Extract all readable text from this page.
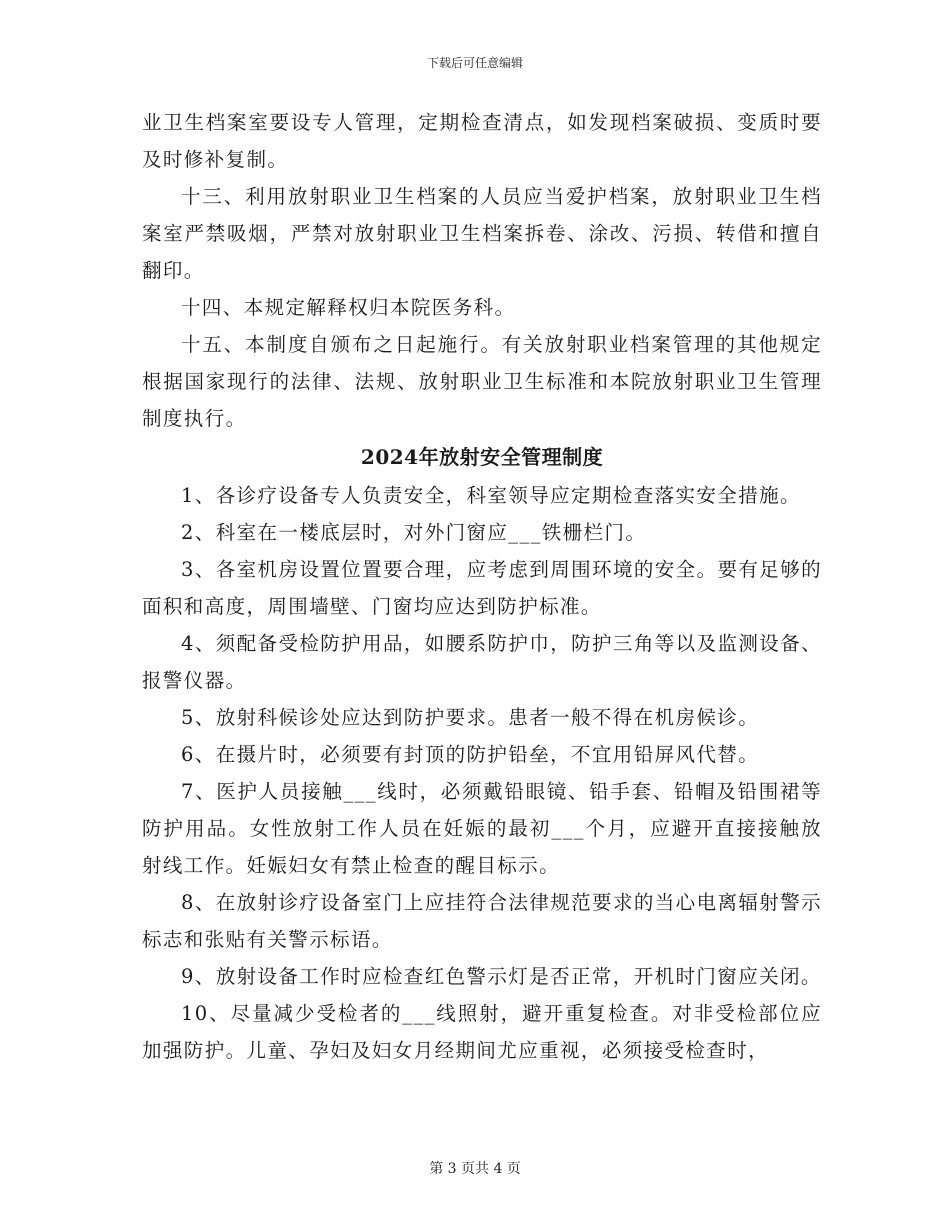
下载后可任意编辑

业卫生档案室要设专人管理，定期检查清点，如发现档案破损、变质时要及时修补复制。

十三、利用放射职业卫生档案的人员应当爱护档案，放射职业卫生档案室严禁吸烟，严禁对放射职业卫生档案拆卷、涂改、污损、转借和擅自翻印。

十四、本规定解释权归本院医务科。

十五、本制度自颁布之日起施行。有关放射职业档案管理的其他规定根据国家现行的法律、法规、放射职业卫生标准和本院放射职业卫生管理制度执行。

2024年放射安全管理制度

1、各诊疗设备专人负责安全，科室领导应定期检查落实安全措施。

2、科室在一楼底层时，对外门窗应___铁栅栏门。

3、各室机房设置位置要合理，应考虑到周围环境的安全。要有足够的面积和高度，周围墙壁、门窗均应达到防护标准。

4、须配备受检防护用品，如腰系防护巾，防护三角等以及监测设备、报警仪器。

5、放射科候诊处应达到防护要求。患者一般不得在机房候诊。

6、在摄片时，必须要有封顶的防护铅垒，不宜用铅屏风代替。

7、医护人员接触___线时，必须戴铅眼镜、铅手套、铅帽及铅围裙等防护用品。女性放射工作人员在妊娠的最初___个月，应避开直接接触放射线工作。妊娠妇女有禁止检查的醒目标示。

8、在放射诊疗设备室门上应挂符合法律规范要求的当心电离辐射警示标志和张贴有关警示标语。

9、放射设备工作时应检查红色警示灯是否正常，开机时门窗应关闭。

10、尽量减少受检者的___线照射，避开重复检查。对非受检部位应加强防护。儿童、孕妇及妇女月经期间尤应重视，必须接受检查时，

第 3 页共 4 页
